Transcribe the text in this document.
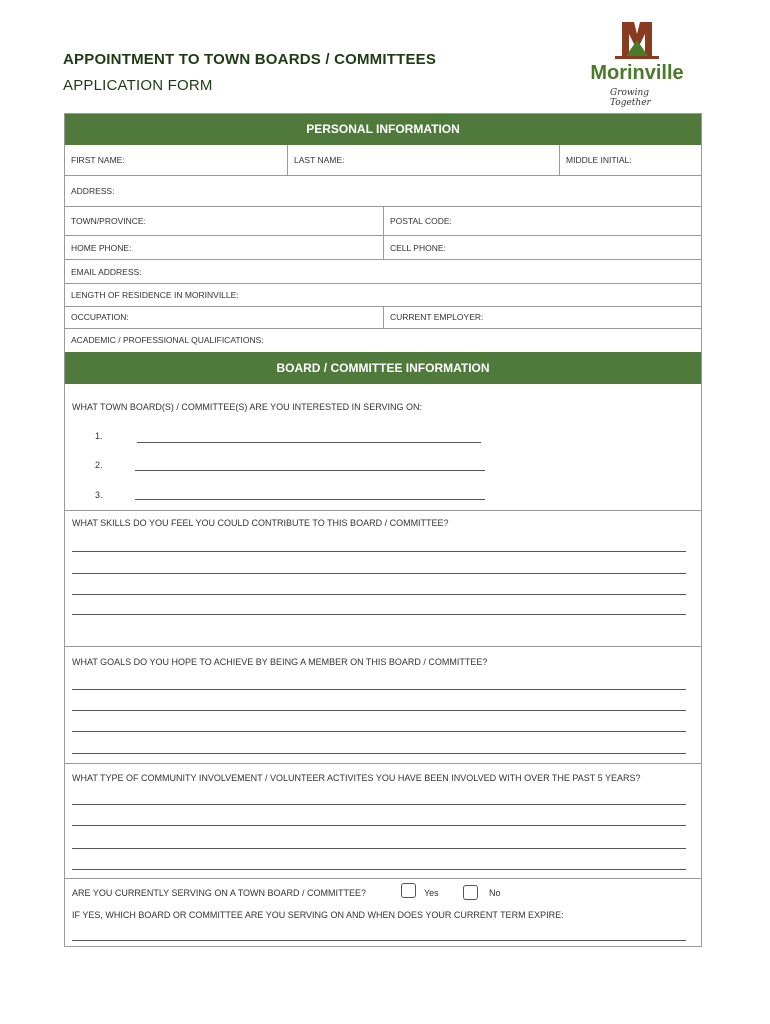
APPOINTMENT TO TOWN BOARDS / COMMITTEES
APPLICATION FORM
Morinville
Growing Together
PERSONAL INFORMATION
FIRST NAME:	LAST NAME:	MIDDLE INITIAL:
ADDRESS:
TOWN/PROVINCE:	POSTAL CODE:
HOME PHONE:	CELL PHONE:
EMAIL ADDRESS:
LENGTH OF RESIDENCE IN MORINVILLE:
OCCUPATION:	CURRENT EMPLOYER:
ACADEMIC / PROFESSIONAL QUALIFICATIONS:
BOARD / COMMITTEE INFORMATION
WHAT TOWN BOARD(S) / COMMITTEE(S) ARE YOU INTERESTED IN SERVING ON:
1.
2.
3.
WHAT SKILLS DO YOU FEEL YOU COULD CONTRIBUTE TO THIS BOARD / COMMITTEE?
WHAT GOALS DO YOU HOPE TO ACHIEVE BY BEING A MEMBER ON THIS BOARD / COMMITTEE?
WHAT TYPE OF COMMUNITY INVOLVEMENT / VOLUNTEER ACTIVITES YOU HAVE BEEN INVOLVED WITH OVER THE PAST 5 YEARS?
ARE YOU CURRENTLY SERVING ON A TOWN BOARD / COMMITTEE?	Yes	No
IF YES, WHICH BOARD OR COMMITTEE ARE YOU SERVING ON AND WHEN DOES YOUR CURRENT TERM EXPIRE:
